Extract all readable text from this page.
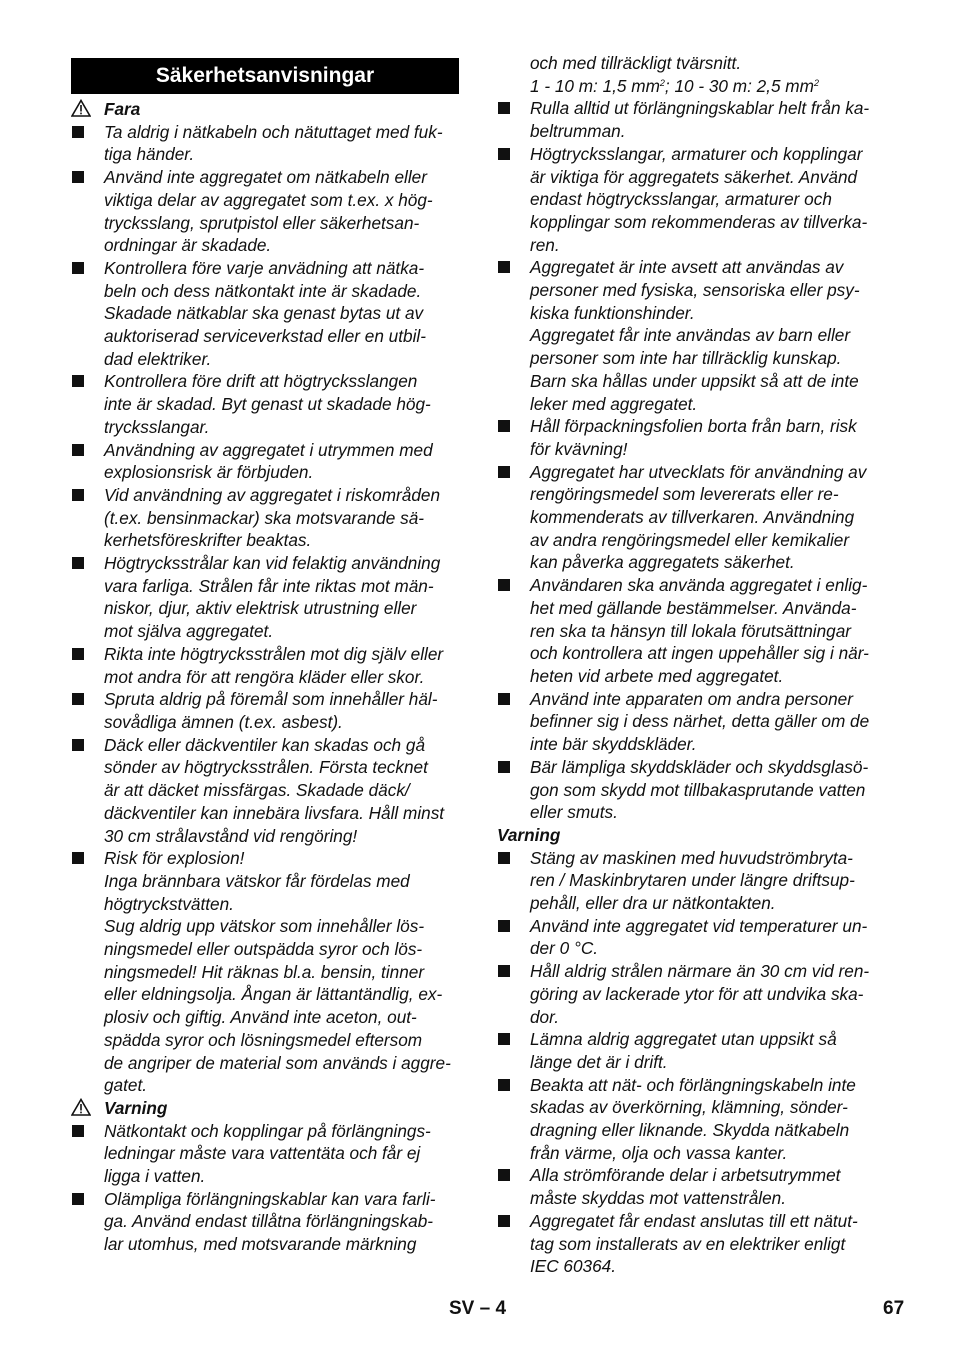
Säkerhetsanvisningar
Fara
Ta aldrig i nätkabeln och nätuttaget med fuk-
tiga händer.
Använd inte aggregatet om nätkabeln eller
viktiga delar av aggregatet som t.ex. x hög-
trycksslang, sprutpistol eller säkerhetsan-
ordningar är skadade.
Kontrollera före varje anvädning att nätka-
beln och dess nätkontakt inte är skadade.
Skadade nätkablar ska genast bytas ut av
auktoriserad serviceverkstad eller en utbil-
dad elektriker.
Kontrollera före drift att högtrycksslangen
inte är skadad. Byt genast ut skadade hög-
trycksslangar.
Användning av aggregatet i utrymmen med
explosionsrisk är förbjuden.
Vid användning av aggregatet i riskområden
(t.ex. bensinmackar) ska motsvarande sä-
kerhetsföreskrifter beaktas.
Högtrycksstrålar kan vid felaktig användning
vara farliga. Strålen får inte riktas mot män-
niskor, djur, aktiv elektrisk utrustning eller
mot själva aggregatet.
Rikta inte högtrycksstrålen mot dig själv eller
mot andra för att rengöra kläder eller skor.
Spruta aldrig på föremål som innehåller häl-
sovådliga ämnen (t.ex. asbest).
Däck eller däckventiler kan skadas och gå
sönder av högtrycksstrålen. Första tecknet
är att däcket missfärgas. Skadade däck/
däckventiler kan innebära livsfara. Håll minst
30 cm strålavstånd vid rengöring!
Risk för explosion!
Inga brännbara vätskor får fördelas med
högtryckstvätten.
Sug aldrig upp vätskor som innehåller lös-
ningsmedel eller outspädda syror och lös-
ningsmedel! Hit räknas bl.a. bensin, tinner
eller eldningsolja. Ångan är lättantändlig, ex-
plosiv och giftig. Använd inte aceton, out-
spädda syror och lösningsmedel eftersom
de angriper de material som används i aggre-
gatet.
Varning
Nätkontakt och kopplingar på förlängnings-
ledningar måste vara vattentäta och får ej
ligga i vatten.
Olämpliga förlängningskablar kan vara farli-
ga. Använd endast tillåtna förlängningskab-
lar utomhus, med motsvarande märkning
och med tillräckligt tvärsnitt.
1 - 10 m: 1,5 $mm^2$; 10 - 30 m: 2,5 $mm^2$
Rulla alltid ut förlängningskablar helt från ka-
beltrumman.
Högtrycksslangar, armaturer och kopplingar
är viktiga för aggregatets säkerhet. Använd
endast högtrycksslangar, armaturer och
kopplingar som rekommenderas av tillverka-
ren.
Aggregatet är inte avsett att användas av
personer med fysiska, sensoriska eller psy-
kiska funktionshinder.
Aggregatet får inte användas av barn eller
personer som inte har tillräcklig kunskap.
Barn ska hållas under uppsikt så att de inte
leker med aggregatet.
Håll förpackningsfolien borta från barn, risk
för kvävning!
Aggregatet har utvecklats för användning av
rengöringsmedel som levererats eller re-
kommenderats av tillverkaren. Användning
av andra rengöringsmedel eller kemikalier
kan påverka aggregatets säkerhet.
Användaren ska använda aggregatet i enlig-
het med gällande bestämmelser. Använda-
ren ska ta hänsyn till lokala förutsättningar
och kontrollera att ingen uppehåller sig i när-
heten vid arbete med aggregatet.
Använd inte apparaten om andra personer
befinner sig i dess närhet, detta gäller om de
inte bär skyddskläder.
Bär lämpliga skyddskläder och skyddsglasö-
gon som skydd mot tillbakasprutande vatten
eller smuts.
Varning
Stäng av maskinen med huvudströmbryta-
ren / Maskinbrytaren under längre driftsup-
pehåll, eller dra ur nätkontakten.
Använd inte aggregatet vid temperaturer un-
der 0 °C.
Håll aldrig strålen närmare än 30 cm vid ren-
göring av lackerade ytor för att undvika ska-
dor.
Lämna aldrig aggregatet utan uppsikt så
länge det är i drift.
Beakta att nät- och förlängningskabeln inte
skadas av överkörning, klämning, sönder-
dragning eller liknande. Skydda nätkabeln
från värme, olja och vassa kanter.
Alla strömförande delar i arbetsutrymmet
måste skyddas mot vattenstrålen.
Aggregatet får endast anslutas till ett nätut-
tag som installerats av en elektriker enligt
IEC 60364.
SV – 4	67
